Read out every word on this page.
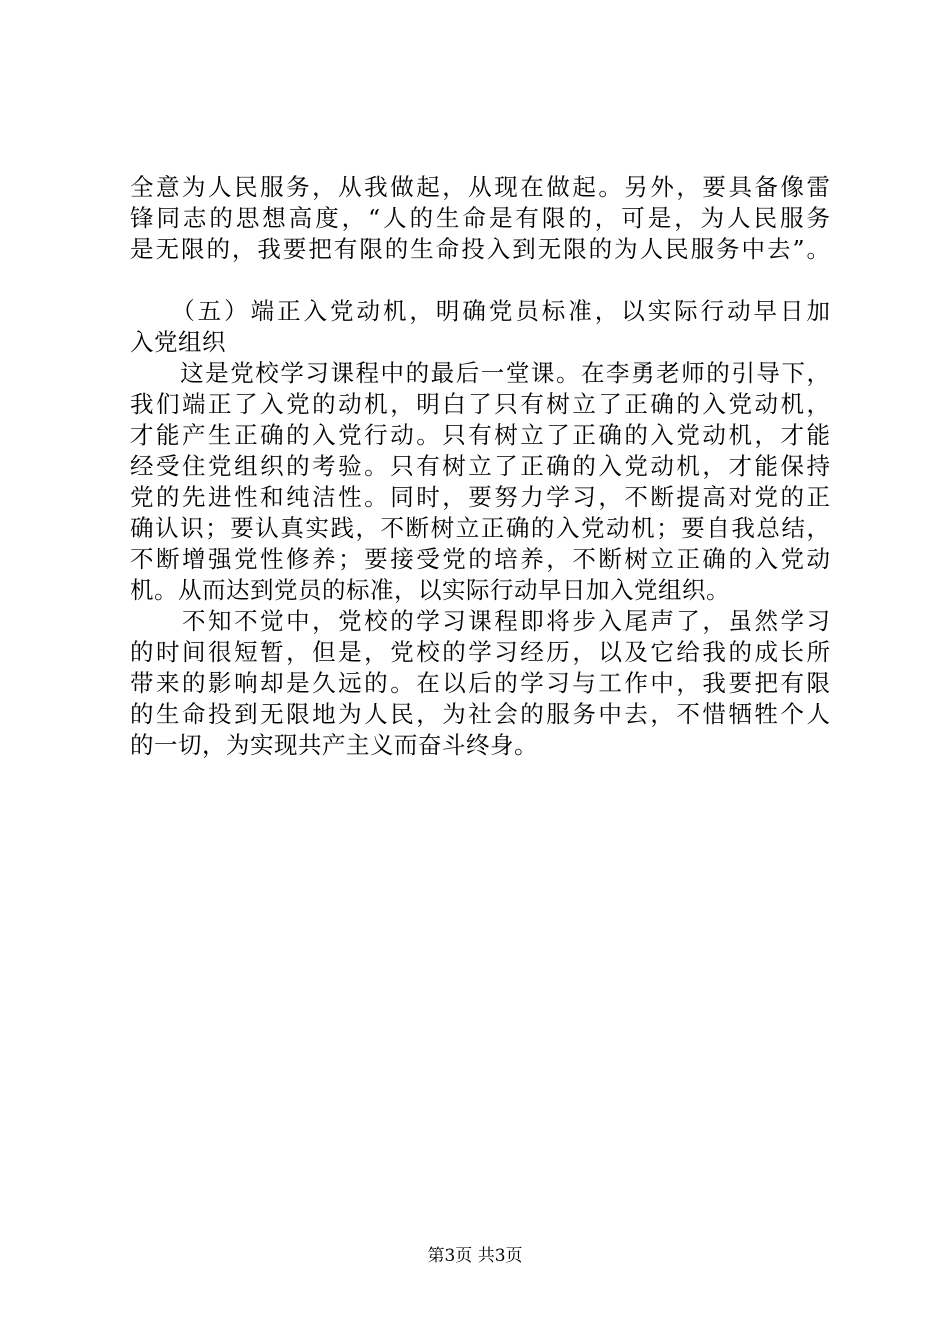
全意为人民服务，从我做起，从现在做起。另外，要具备像雷
锋同志的思想高度，“人的生命是有限的，可是，为人民服务
是无限的，我要把有限的生命投入到无限的为人民服务中去”。
　　（五）端正入党动机，明确党员标准，以实际行动早日加
入党组织
　　这是党校学习课程中的最后一堂课。在李勇老师的引导下，
我们端正了入党的动机，明白了只有树立了正确的入党动机，
才能产生正确的入党行动。只有树立了正确的入党动机，才能
经受住党组织的考验。只有树立了正确的入党动机，才能保持
党的先进性和纯洁性。同时，要努力学习，不断提高对党的正
确认识；要认真实践，不断树立正确的入党动机；要自我总结，
不断增强党性修养；要接受党的培养，不断树立正确的入党动
机。从而达到党员的标准，以实际行动早日加入党组织。
　　不知不觉中，党校的学习课程即将步入尾声了，虽然学习
的时间很短暂，但是，党校的学习经历，以及它给我的成长所
带来的影响却是久远的。在以后的学习与工作中，我要把有限
的生命投到无限地为人民，为社会的服务中去，不惜牺牲个人
的一切，为实现共产主义而奋斗终身。
第3页 共3页
